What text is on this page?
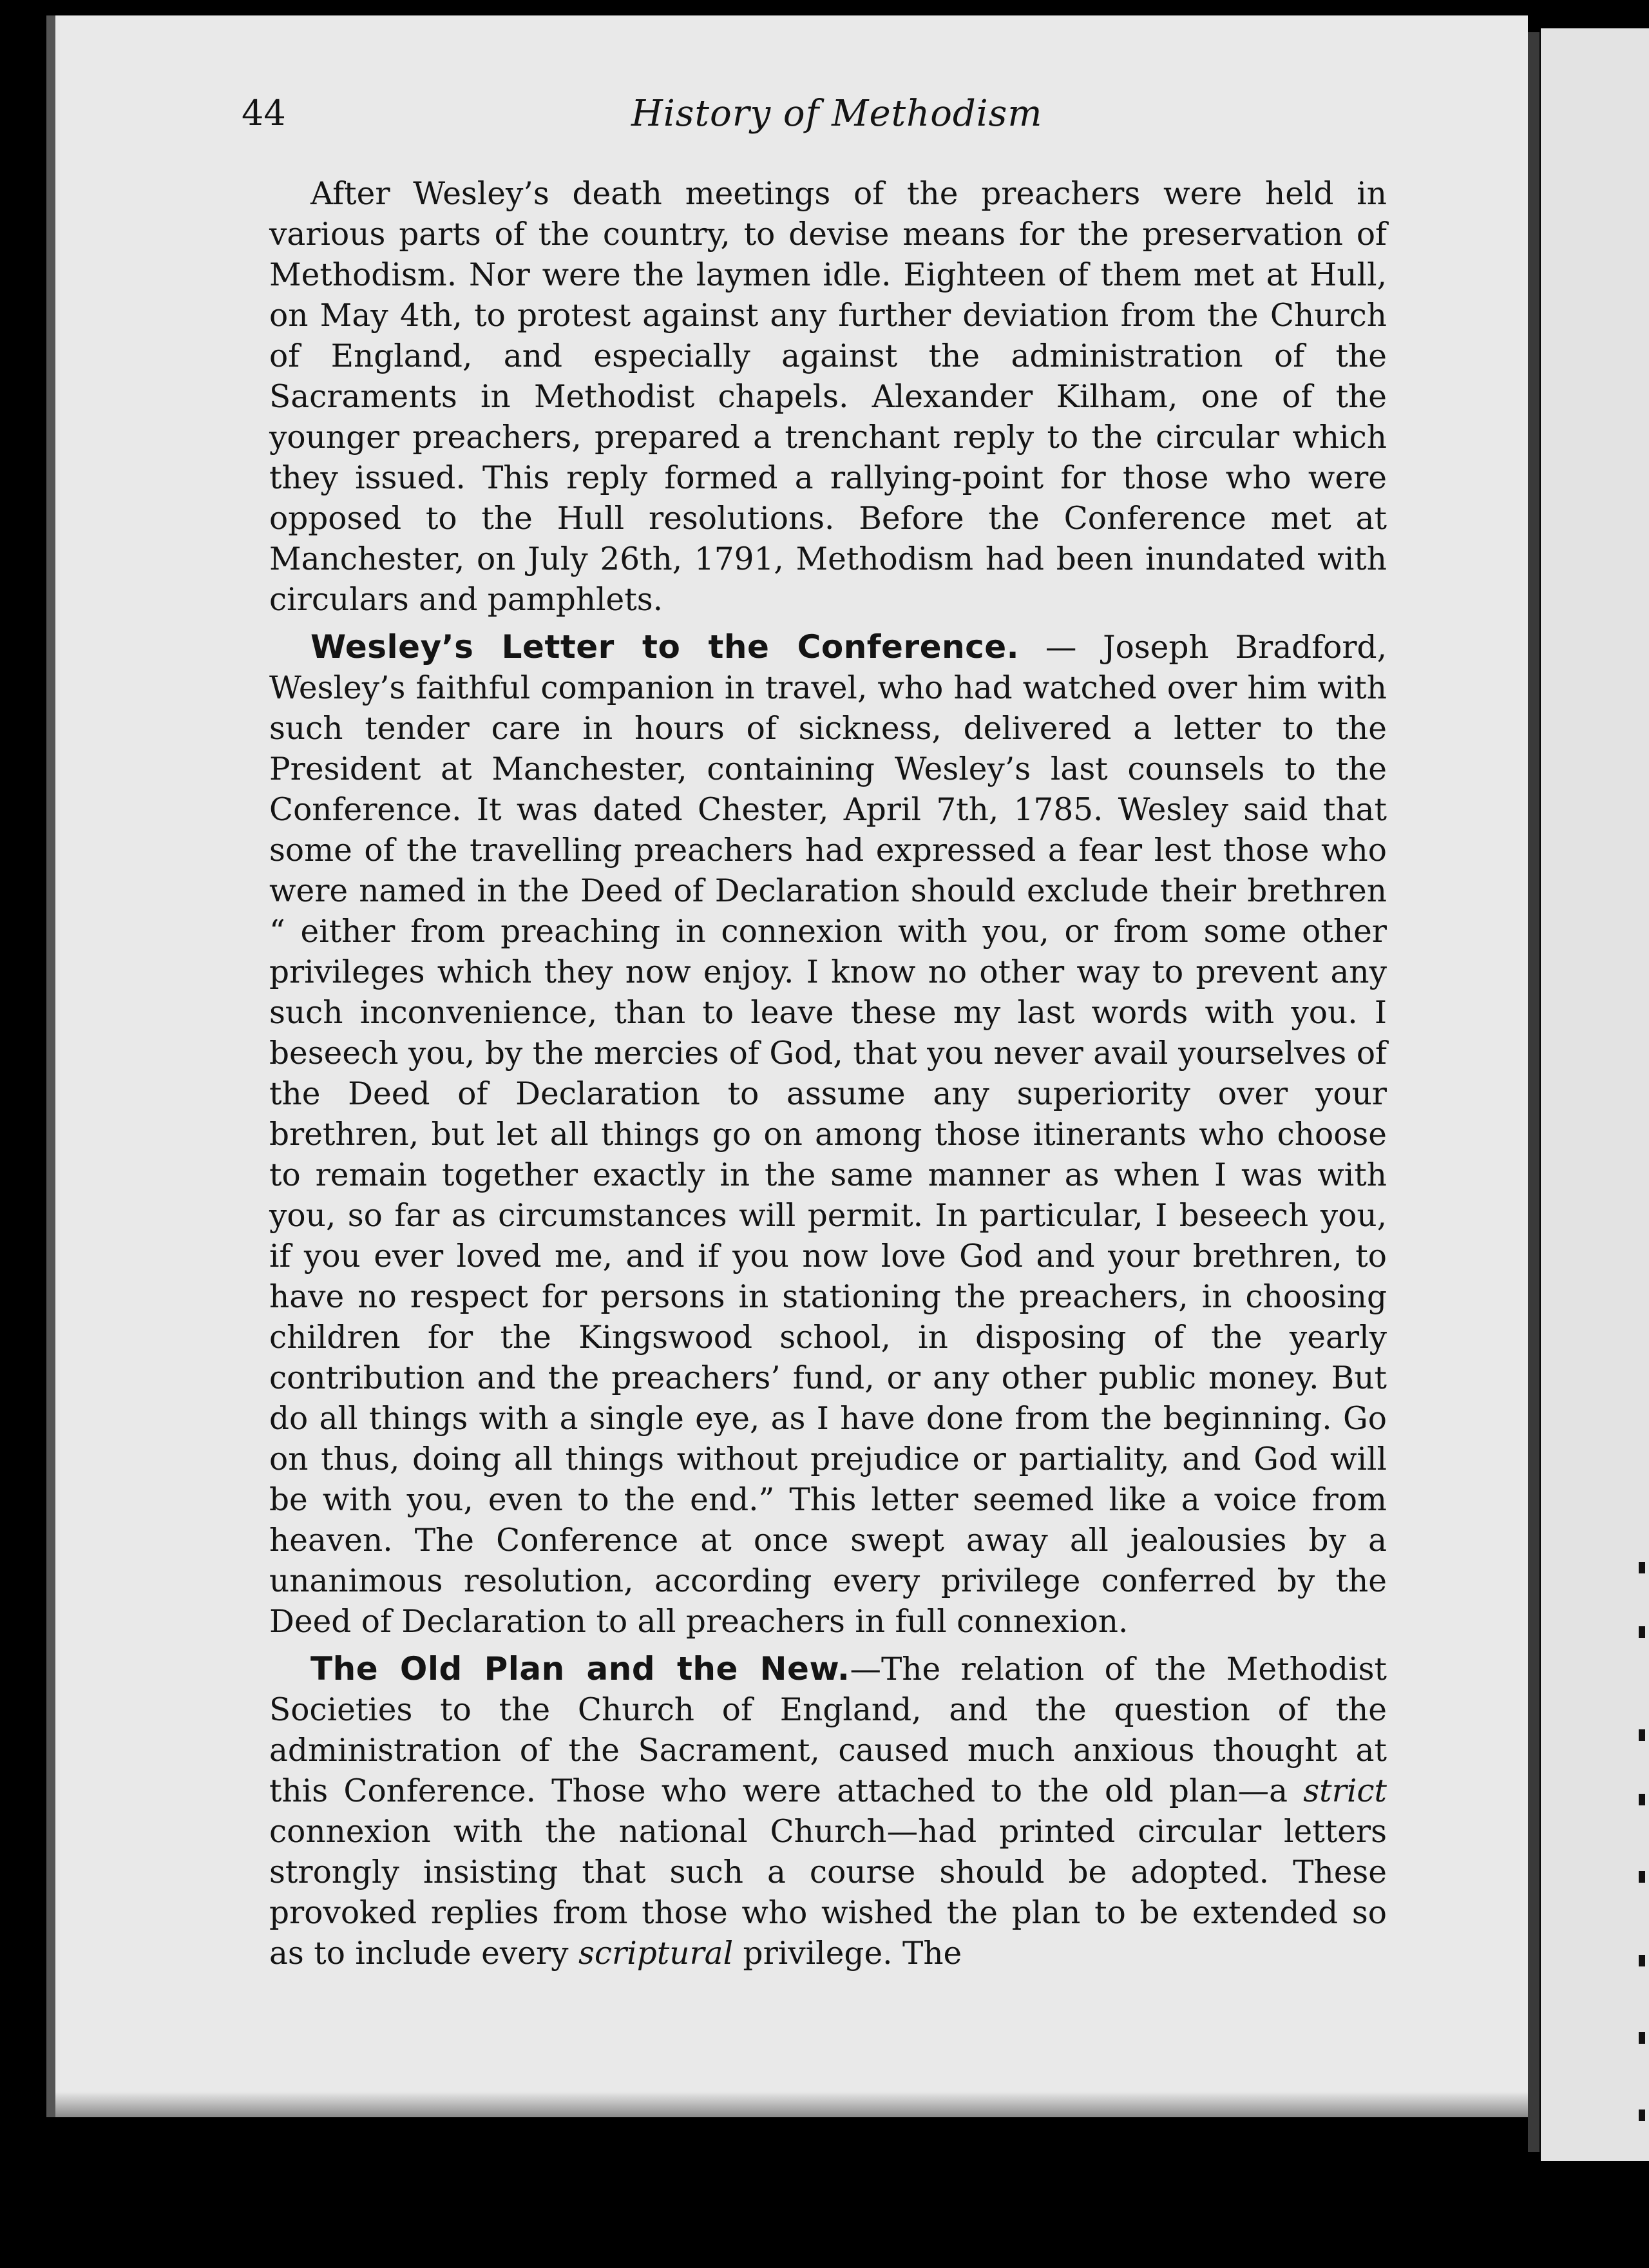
44	History of Methodism

After Wesley’s death meetings of the preachers were held in various parts of the country, to devise means for the preservation of Methodism. Nor were the laymen idle. Eighteen of them met at Hull, on May 4th, to protest against any further deviation from the Church of England, and especially against the administration of the Sacraments in Methodist chapels. Alexander Kilham, one of the younger preachers, prepared a trenchant reply to the circular which they issued. This reply formed a rallying-point for those who were opposed to the Hull resolutions. Before the Conference met at Manchester, on July 26th, 1791, Methodism had been inundated with circulars and pamphlets.

Wesley’s Letter to the Conference. — Joseph Bradford, Wesley’s faithful companion in travel, who had watched over him with such tender care in hours of sickness, delivered a letter to the President at Manchester, containing Wesley’s last counsels to the Conference. It was dated Chester, April 7th, 1785. Wesley said that some of the travelling preachers had expressed a fear lest those who were named in the Deed of Declaration should exclude their brethren “ either from preaching in connexion with you, or from some other privileges which they now enjoy. I know no other way to prevent any such inconvenience, than to leave these my last words with you. I beseech you, by the mercies of God, that you never avail yourselves of the Deed of Declaration to assume any superiority over your brethren, but let all things go on among those itinerants who choose to remain together exactly in the same manner as when I was with you, so far as circumstances will permit. In particular, I beseech you, if you ever loved me, and if you now love God and your brethren, to have no respect for persons in stationing the preachers, in choosing children for the Kingswood school, in disposing of the yearly contribution and the preachers’ fund, or any other public money. But do all things with a single eye, as I have done from the beginning. Go on thus, doing all things without prejudice or partiality, and God will be with you, even to the end.” This letter seemed like a voice from heaven. The Conference at once swept away all jealousies by a unanimous resolution, according every privilege conferred by the Deed of Declaration to all preachers in full connexion.

The Old Plan and the New.—The relation of the Methodist Societies to the Church of England, and the question of the administration of the Sacrament, caused much anxious thought at this Conference. Those who were attached to the old plan—a strict connexion with the national Church—had printed circular letters strongly insisting that such a course should be adopted. These provoked replies from those who wished the plan to be extended so as to include every scriptural privilege. The
